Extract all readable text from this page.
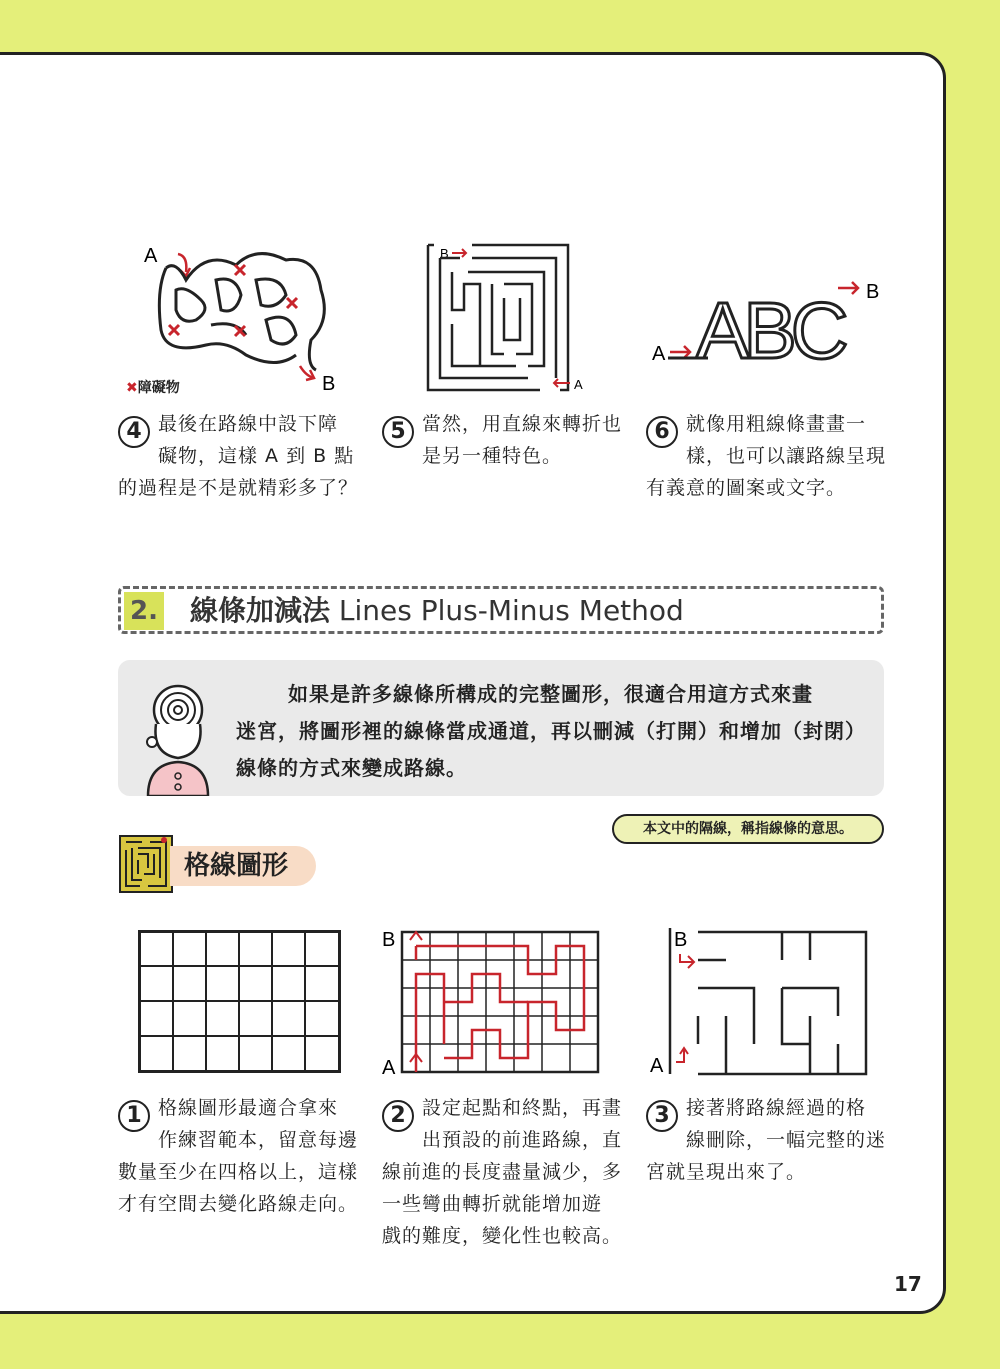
A
B
✖障礙物
B
A
A ABC B
4 最後在路線中設下障
礙物，這樣 A 到 B 點
的過程是不是就精彩多了？
5 當然，用直線來轉折也
是另一種特色。
6 就像用粗線條畫畫一
樣，也可以讓路線呈現
有義意的圖案或文字。
2. 線條加減法 Lines Plus-Minus Method
如果是許多線條所構成的完整圖形，很適合用這方式來畫
迷宮，將圖形裡的線條當成通道，再以刪減（打開）和增加（封閉）
線條的方式來變成路線。
本文中的隔線，稱指線條的意思。
格線圖形
B
A
B
A
1 格線圖形最適合拿來
作練習範本，留意每邊
數量至少在四格以上，這樣
才有空間去變化路線走向。
2 設定起點和終點，再畫
出預設的前進路線，直
線前進的長度盡量減少，多
一些彎曲轉折就能增加遊
戲的難度，變化性也較高。
3 接著將路線經過的格
線刪除，一幅完整的迷
宮就呈現出來了。
17
